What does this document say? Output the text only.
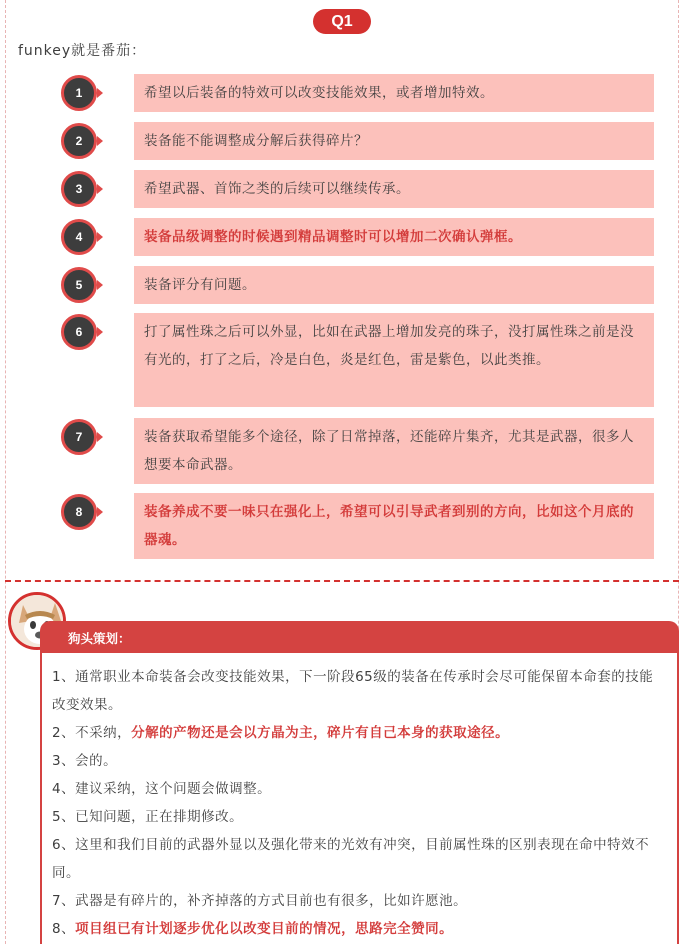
Q1
funkey就是番茄：
1	希望以后装备的特效可以改变技能效果，或者增加特效。
2	装备能不能调整成分解后获得碎片？
3	希望武器、首饰之类的后续可以继续传承。
4	装备品级调整的时候遇到精品调整时可以增加二次确认弹框。
5	装备评分有问题。
6	打了属性珠之后可以外显，比如在武器上增加发亮的珠子，没打属性珠之前是没有光的，打了之后，冷是白色，炎是红色，雷是紫色，以此类推。
7	装备获取希望能多个途径，除了日常掉落，还能碎片集齐，尤其是武器，很多人想要本命武器。
8	装备养成不要一味只在强化上，希望可以引导武者到别的方向，比如这个月底的器魂。
狗头策划：
1、通常职业本命装备会改变技能效果，下一阶段65级的装备在传承时会尽可能保留本命套的技能改变效果。
2、不采纳，分解的产物还是会以方晶为主，碎片有自己本身的获取途径。
3、会的。
4、建议采纳，这个问题会做调整。
5、已知问题，正在排期修改。
6、这里和我们目前的武器外显以及强化带来的光效有冲突，目前属性珠的区别表现在命中特效不同。
7、武器是有碎片的，补齐掉落的方式目前也有很多，比如许愿池。
8、项目组已有计划逐步优化以改变目前的情况，思路完全赞同。
